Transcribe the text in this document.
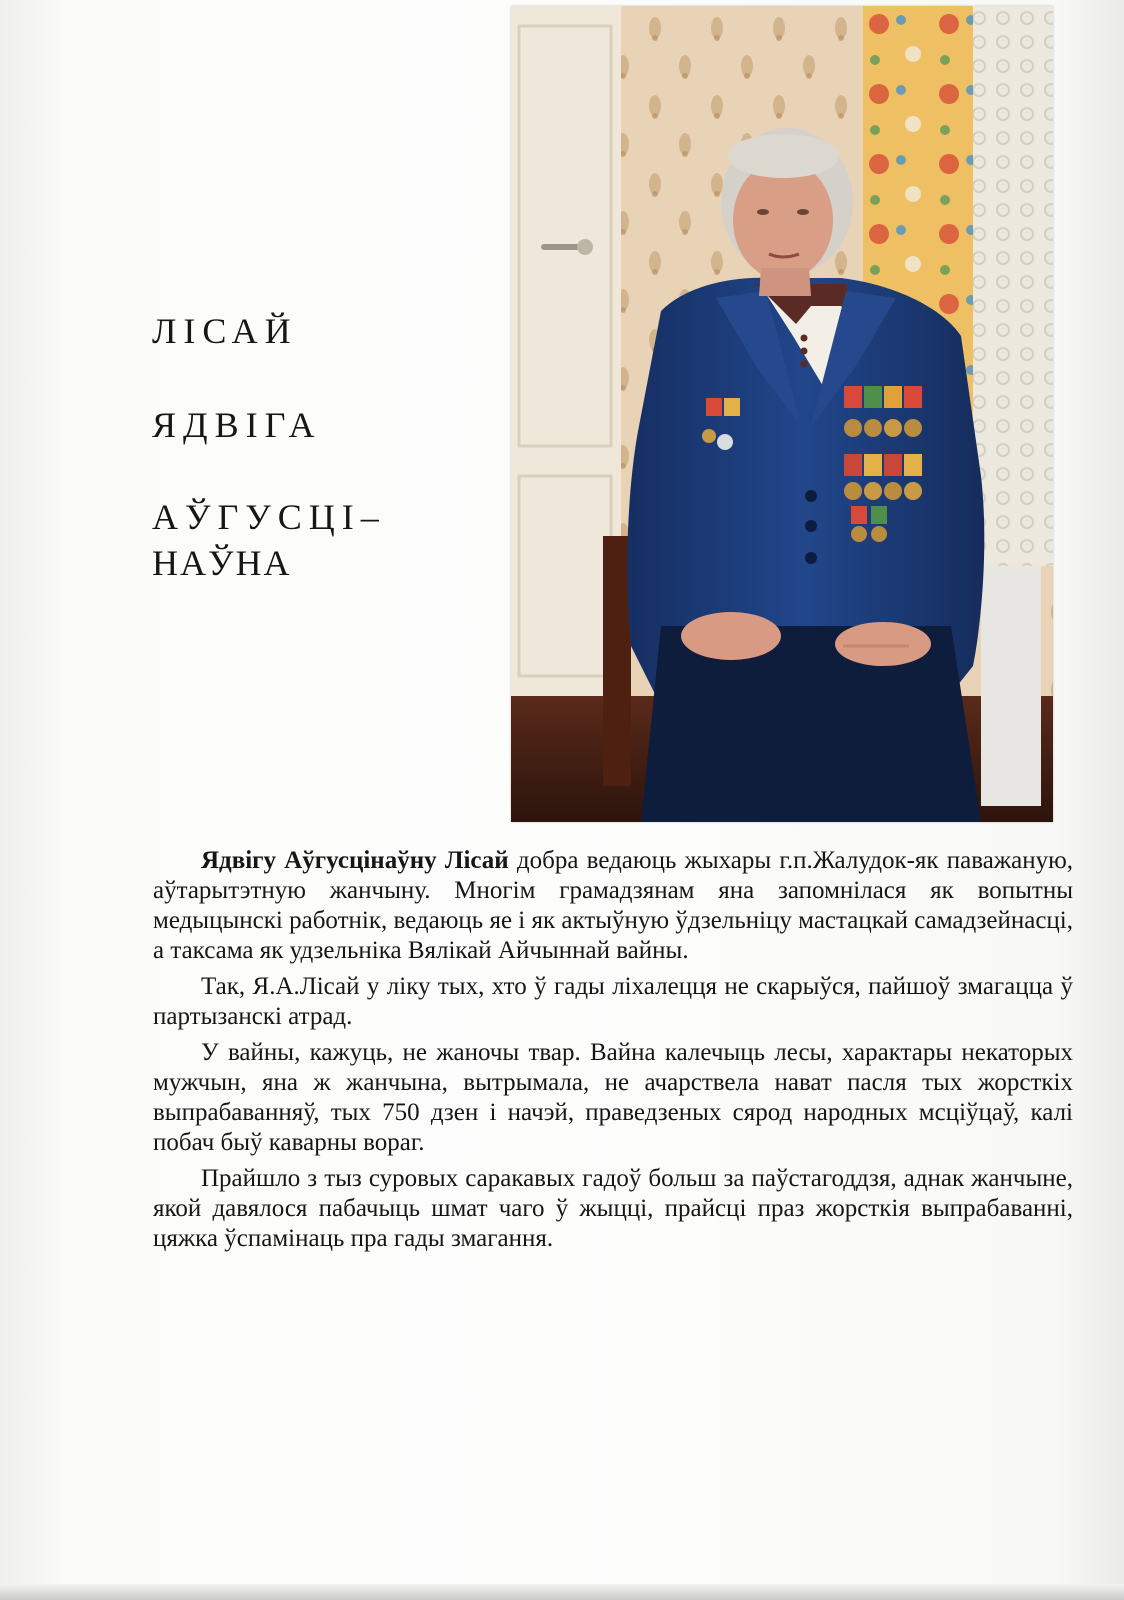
ЛІСАЙ

ЯДВІГА

АЎГУСЦІ–

НАЎНА

Ядвігу Аўгусцінаўну Лісай добра ведаюць жыхары г.п.Жалудок-як паважаную, аўтарытэтную жанчыну. Многім грамадзянам яна запомнілася як вопытны медыцынскі работнік, ведаюць яе і як актыўную ўдзельніцу мастацкай самадзейнасці, а таксама як удзельніка Вялікай Айчыннай вайны.

Так, Я.А.Лісай у ліку тых, хто ў гады ліхалецця не скарыўся, пайшоў змагацца ў партызанскі атрад.

У вайны, кажуць, не жаночы твар. Вайна калечыць лесы, характары некаторых мужчын, яна ж жанчына, вытрымала, не ачарствела нават пасля тых жорсткіх выпрабаванняў, тых 750 дзен і начэй, праведзеных сярод народных мсціўцаў, калі побач быў каварны вораг.

Прайшло з тыз суровых саракавых гадоў больш за паўстагоддзя, аднак жанчыне, якой давялося пабачыць шмат чаго ў жыцці, прайсці праз жорсткія выпрабаванні, цяжка ўспамінаць пра гады змагання.
